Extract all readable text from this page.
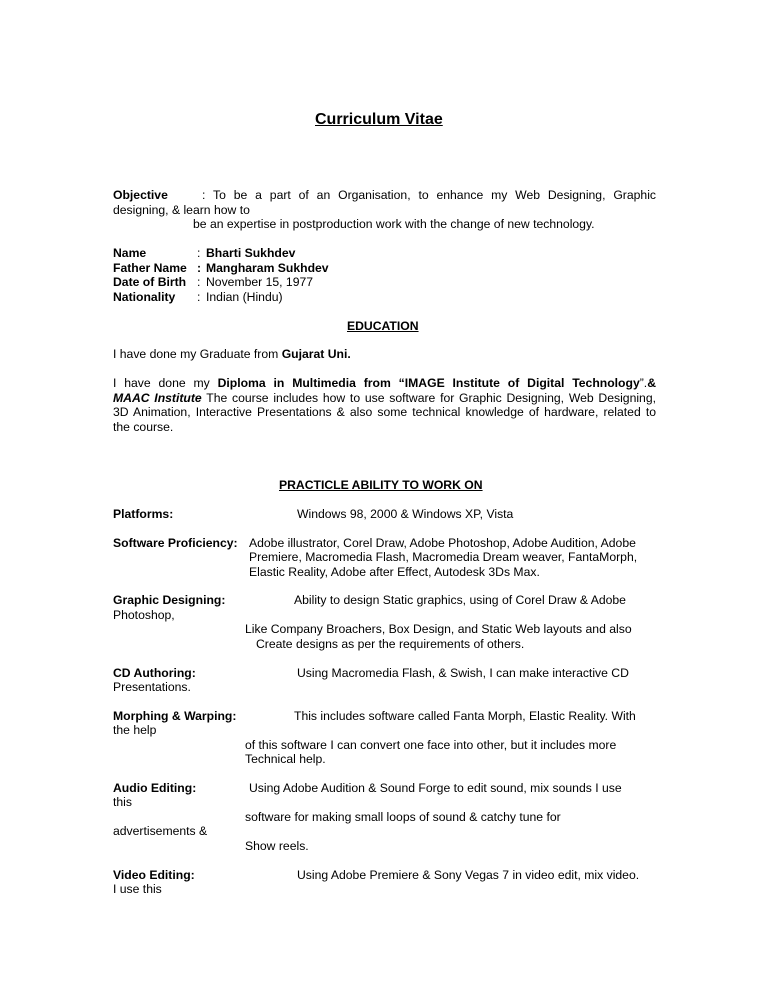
Curriculum Vitae
Objective	: To be a part of an Organisation, to enhance my Web Designing, Graphic
designing, & learn how to
be an expertise in postproduction work with the change of new technology.
Name	: Bharti Sukhdev
Father Name : Mangharam Sukhdev
Date of Birth : November 15, 1977
Nationality : Indian (Hindu)
EDUCATION
I have done my Graduate from Gujarat Uni.
I have done my Diploma in Multimedia from “IMAGE Institute of Digital Technology”.&
MAAC Institute The course includes how to use software for Graphic Designing, Web Designing,
3D Animation, Interactive Presentations & also some technical knowledge of hardware, related to
the course.
PRACTICLE ABILITY TO WORK ON
Platforms:	Windows 98, 2000 & Windows XP, Vista
Software Proficiency: Adobe illustrator, Corel Draw, Adobe Photoshop, Adobe Audition, Adobe
Premiere, Macromedia Flash, Macromedia Dream weaver, FantaMorph,
Elastic Reality, Adobe after Effect, Autodesk 3Ds Max.
Graphic Designing:	Ability to design Static graphics, using of Corel Draw & Adobe
Photoshop,
Like Company Broachers, Box Design, and Static Web layouts and also
Create designs as per the requirements of others.
CD Authoring:	Using Macromedia Flash, & Swish, I can make interactive CD
Presentations.
Morphing & Warping:	This includes software called Fanta Morph, Elastic Reality. With
the help
of this software I can convert one face into other, but it includes more
Technical help.
Audio Editing:	Using Adobe Audition & Sound Forge to edit sound, mix sounds I use
this
software for making small loops of sound & catchy tune for
advertisements &
Show reels.
Video Editing:	Using Adobe Premiere & Sony Vegas 7 in video edit, mix video.
I use this
